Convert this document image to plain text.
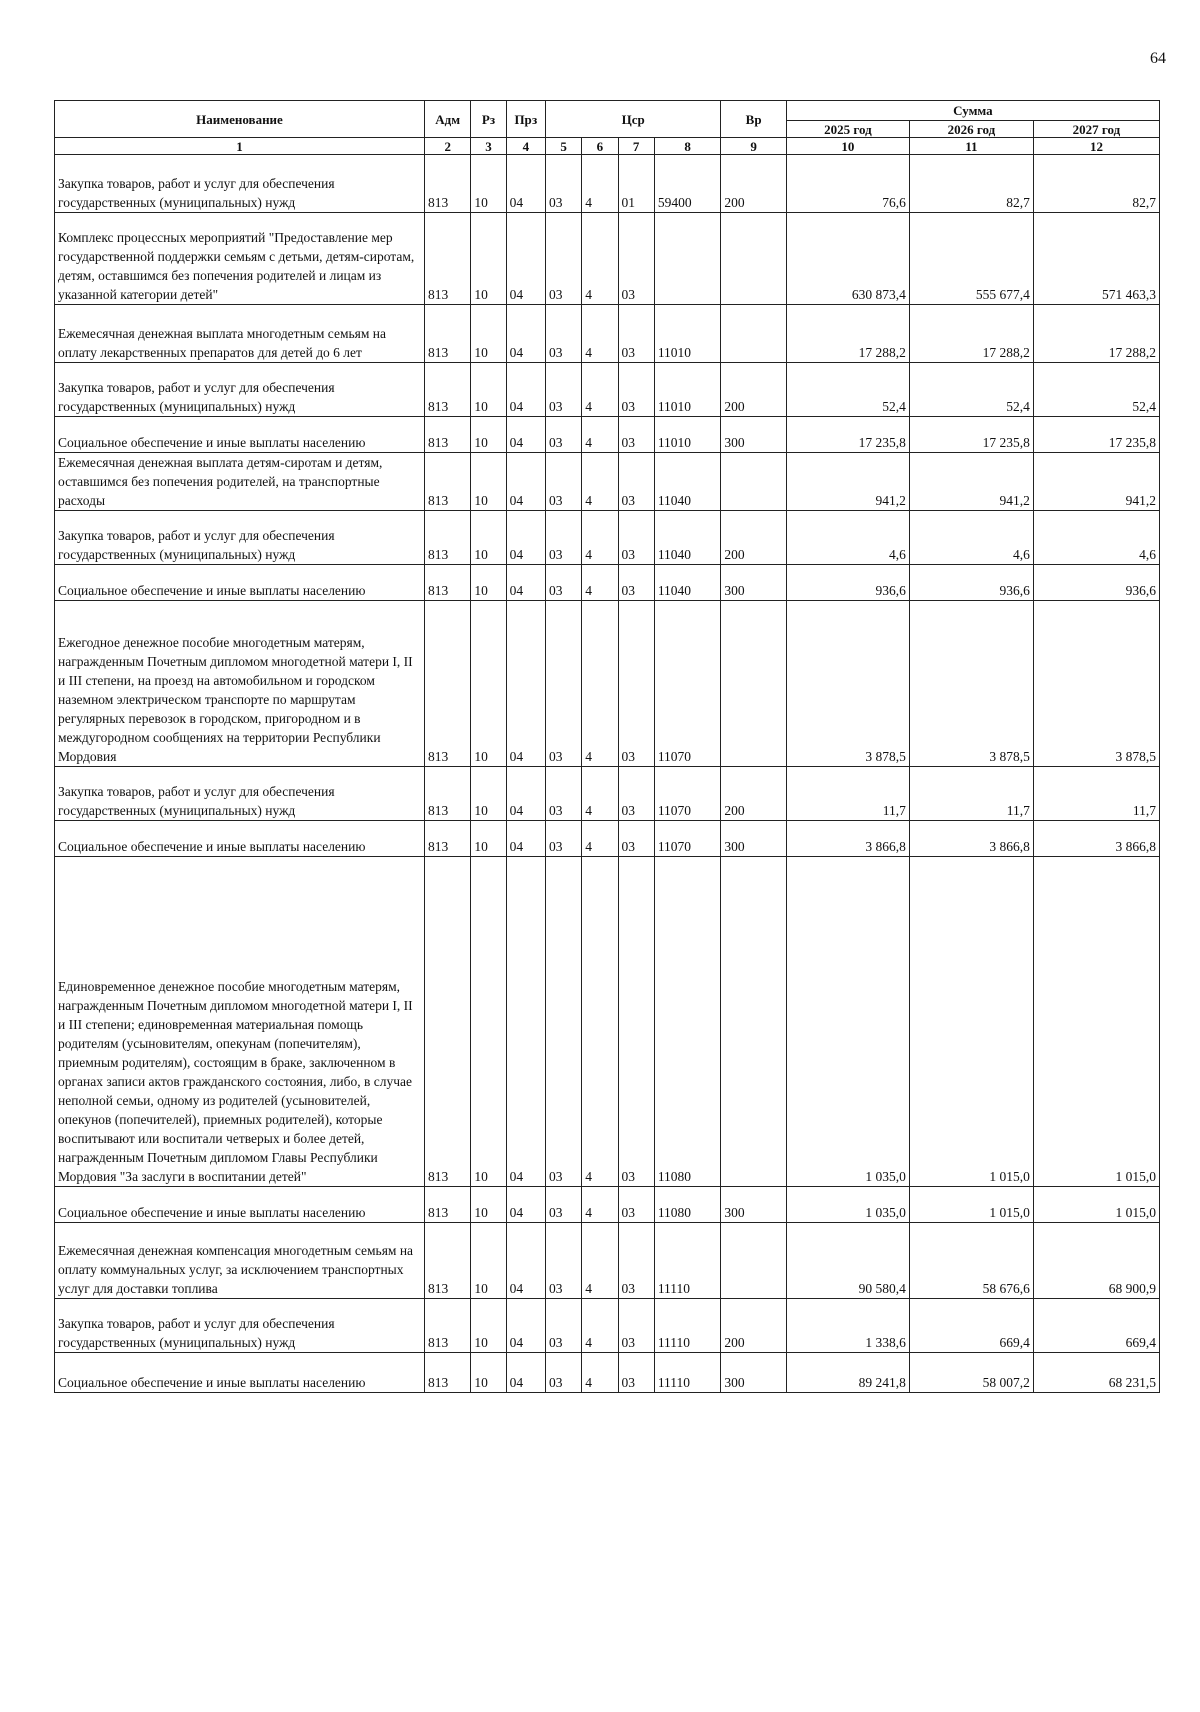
64
Наименование	Адм	Рз	Прз	Цср				Вр	Сумма		
									2025 год	2026 год	2027 год
1	2	3	4	5	6	7	8	9	10	11	12
Закупка товаров, работ и услуг для обеспечения государственных (муниципальных) нужд	813	10	04	03	4	01	59400	200	76,6	82,7	82,7
Комплекс процессных мероприятий "Предоставление мер государственной поддержки семьям с детьми, детям-сиротам, детям, оставшимся без попечения родителей и лицам из указанной категории детей"	813	10	04	03	4	03			630 873,4	555 677,4	571 463,3
Ежемесячная денежная выплата многодетным семьям на оплату лекарственных препаратов для детей до 6 лет	813	10	04	03	4	03	11010		17 288,2	17 288,2	17 288,2
Закупка товаров, работ и услуг для обеспечения государственных (муниципальных) нужд	813	10	04	03	4	03	11010	200	52,4	52,4	52,4
Социальное обеспечение и иные выплаты населению	813	10	04	03	4	03	11010	300	17 235,8	17 235,8	17 235,8
Ежемесячная денежная выплата детям-сиротам и детям, оставшимся без попечения родителей, на транспортные расходы	813	10	04	03	4	03	11040		941,2	941,2	941,2
Закупка товаров, работ и услуг для обеспечения государственных (муниципальных) нужд	813	10	04	03	4	03	11040	200	4,6	4,6	4,6
Социальное обеспечение и иные выплаты населению	813	10	04	03	4	03	11040	300	936,6	936,6	936,6
Ежегодное денежное пособие многодетным матерям, награжденным Почетным дипломом многодетной матери I, II и III степени, на проезд на автомобильном и городском наземном электрическом транспорте по маршрутам регулярных перевозок в городском, пригородном и в междугородном сообщениях на территории Республики Мордовия	813	10	04	03	4	03	11070		3 878,5	3 878,5	3 878,5
Закупка товаров, работ и услуг для обеспечения государственных (муниципальных) нужд	813	10	04	03	4	03	11070	200	11,7	11,7	11,7
Социальное обеспечение и иные выплаты населению	813	10	04	03	4	03	11070	300	3 866,8	3 866,8	3 866,8
Единовременное денежное пособие многодетным матерям, награжденным Почетным дипломом многодетной матери I, II и III степени; единовременная материальная помощь родителям (усыновителям, опекунам (попечителям), приемным родителям), состоящим в браке, заключенном в органах записи актов гражданского состояния, либо, в случае неполной семьи, одному из родителей (усыновителей, опекунов (попечителей), приемных родителей), которые воспитывают или воспитали четверых и более детей, награжденным Почетным дипломом Главы Республики Мордовия "За заслуги в воспитании детей"	813	10	04	03	4	03	11080		1 035,0	1 015,0	1 015,0
Социальное обеспечение и иные выплаты населению	813	10	04	03	4	03	11080	300	1 035,0	1 015,0	1 015,0
Ежемесячная денежная компенсация многодетным семьям на оплату коммунальных услуг, за исключением транспортных услуг для доставки топлива	813	10	04	03	4	03	11110		90 580,4	58 676,6	68 900,9
Закупка товаров, работ и услуг для обеспечения государственных (муниципальных) нужд	813	10	04	03	4	03	11110	200	1 338,6	669,4	669,4
Социальное обеспечение и иные выплаты населению	813	10	04	03	4	03	11110	300	89 241,8	58 007,2	68 231,5
